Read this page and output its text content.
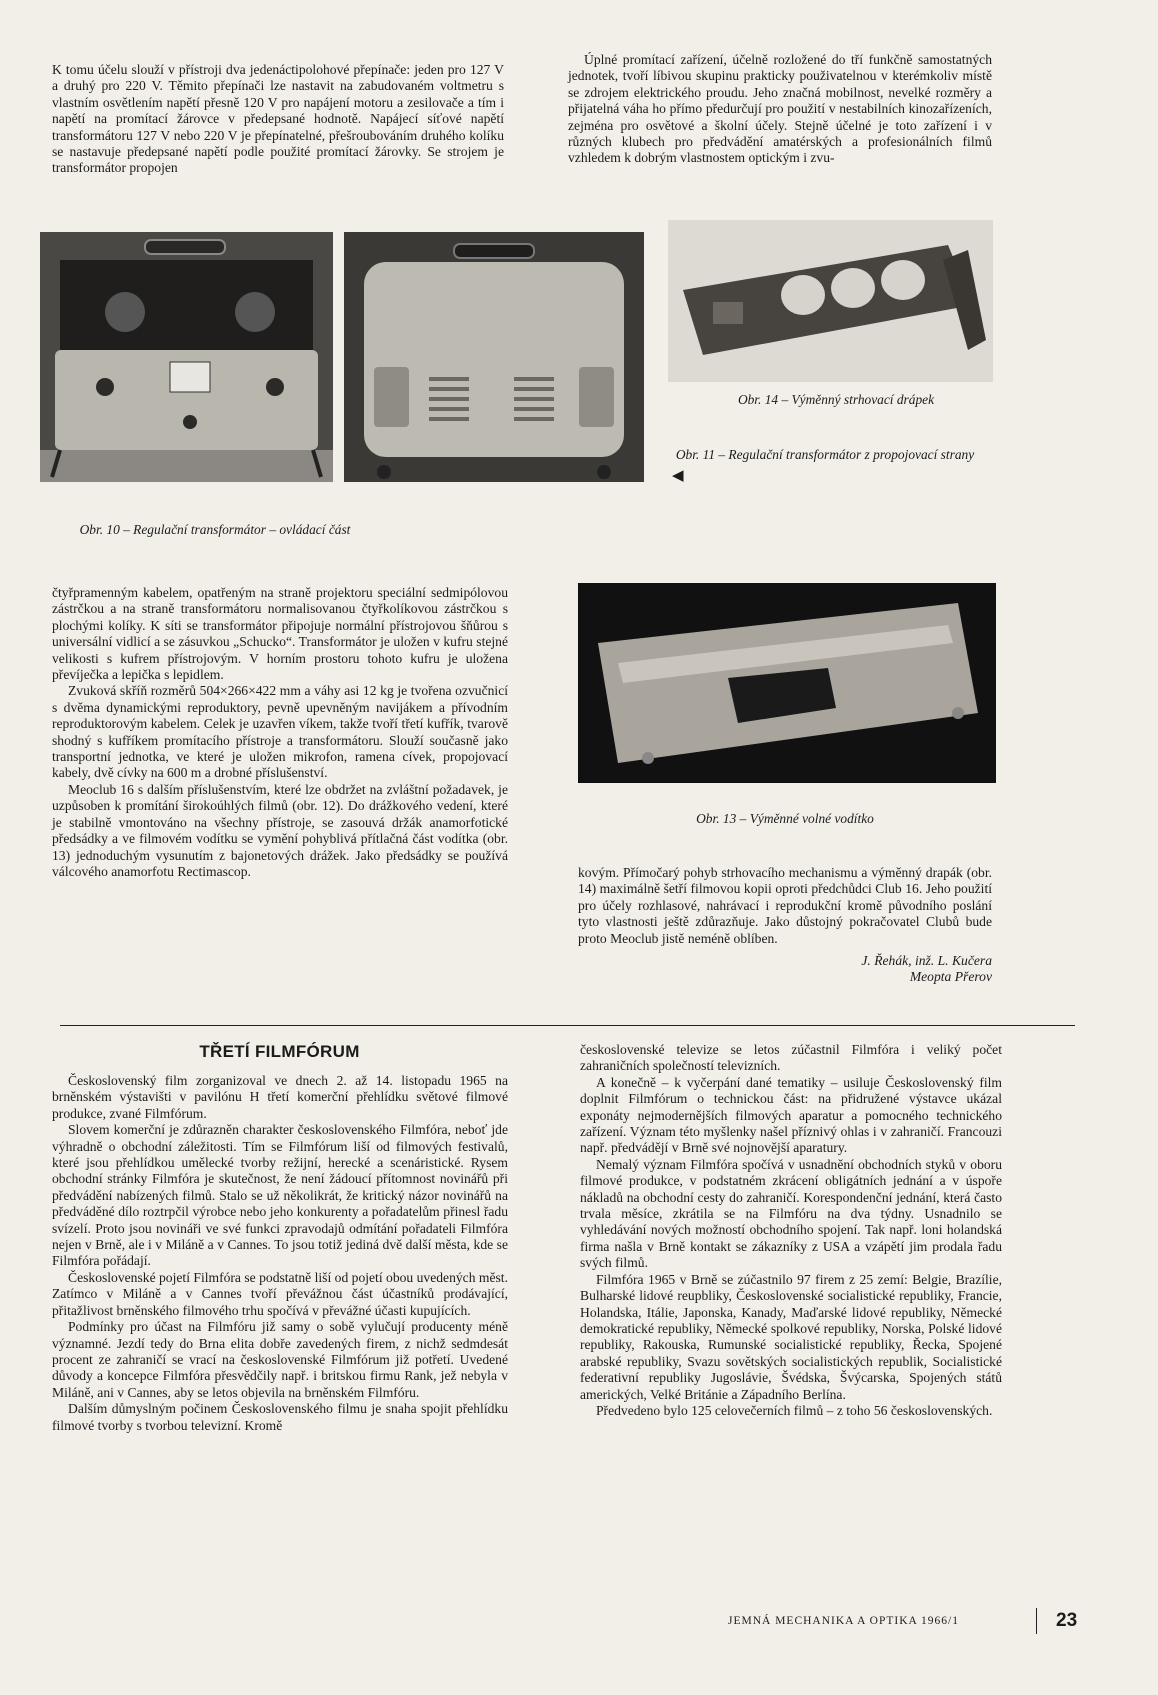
K tomu účelu slouží v přístroji dva jedenáctipolohové přepínače: jeden pro 127 V a druhý pro 220 V. Těmito přepínači lze nastavit na zabudovaném voltmetru s vlastním osvětlením napětí přesně 120 V pro napájení motoru a zesilovače a tím i napětí na promítací žárovce v předepsané hodnotě. Napájecí síťové napětí transformátoru 127 V nebo 220 V je přepínatelné, přešroubováním druhého kolíku se nastavuje předepsané napětí podle použité promítací žárovky. Se strojem je transformátor propojen

Úplné promítací zařízení, účelně rozložené do tří funkčně samostatných jednotek, tvoří líbivou skupinu prakticky použivatelnou v kterémkoliv místě se zdrojem elektrického proudu. Jeho značná mobilnost, nevelké rozměry a přijatelná váha ho přímo předurčují pro použití v nestabilních kinozařízeních, zejména pro osvětové a školní účely. Stejně účelné je toto zařízení i v různých klubech pro předvádění amatérských a profesionálních filmů vzhledem k dobrým vlastnostem optickým i zvu-

Obr. 14 – Výměnný strhovací drápek
Obr. 11 – Regulační transformátor z propojovací strany
◀
Obr. 10 – Regulační transformátor – ovládací část

čtyřpramenným kabelem, opatřeným na straně projektoru speciální sedmipólovou zástrčkou a na straně transformátoru normalisovanou čtyřkolíkovou zástrčkou s plochými kolíky. K síti se transformátor připojuje normální přístrojovou šňůrou s universální vidlicí a se zásuvkou „Schucko“. Transformátor je uložen v kufru stejné velikosti s kufrem přístrojovým. V horním prostoru tohoto kufru je uložena převíječka a lepička s lepidlem.

Zvuková skříň rozměrů 504×266×422 mm a váhy asi 12 kg je tvořena ozvučnicí s dvěma dynamickými reproduktory, pevně upevněným navijákem a přívodním reproduktorovým kabelem. Celek je uzavřen víkem, takže tvoří třetí kufřík, tvarově shodný s kufříkem promítacího přístroje a transformátoru. Slouží současně jako transportní jednotka, ve které je uložen mikrofon, ramena cívek, propojovací kabely, dvě cívky na 600 m a drobné příslušenství.

Meoclub 16 s dalším příslušenstvím, které lze obdržet na zvláštní požadavek, je uzpůsoben k promítání širokoúhlých filmů (obr. 12). Do drážkového vedení, které je stabilně vmontováno na všechny přístroje, se zasouvá držák anamorfotické předsádky a ve filmovém vodítku se vymění pohyblivá přítlačná část vodítka (obr. 13) jednoduchým vysunutím z bajonetových drážek. Jako předsádky se používá válcového anamorfotu Rectimascop.

Obr. 13 – Výměnné volné vodítko

kovým. Přímočarý pohyb strhovacího mechanismu a výměnný drapák (obr. 14) maximálně šetří filmovou kopii oproti předchůdci Club 16. Jeho použití pro účely rozhlasové, nahrávací i reprodukční kromě původního poslání tyto vlastnosti ještě zdůrazňuje. Jako důstojný pokračovatel Clubů bude proto Meoclub jistě neméně oblíben.

J. Řehák, inž. L. Kučera
Meopta Přerov
TŘETÍ FILMFÓRUM

Československý film zorganizoval ve dnech 2. až 14. listopadu 1965 na brněnském výstavišti v pavilónu H třetí komerční přehlídku světové filmové produkce, zvané Filmfórum.

Slovem komerční je zdůrazněn charakter československého Filmfóra, neboť jde výhradně o obchodní záležitosti. Tím se Filmfórum liší od filmových festivalů, které jsou přehlídkou umělecké tvorby režijní, herecké a scenáristické. Rysem obchodní stránky Filmfóra je skutečnost, že není žádoucí přítomnost novinářů při předvádění nabízených filmů. Stalo se už několikrát, že kritický názor novinářů na předváděné dílo roztrpčil výrobce nebo jeho konkurenty a pořadatelům přinesl řadu svízelí. Proto jsou novináři ve své funkci zpravodajů odmítání pořadateli Filmfóra nejen v Brně, ale i v Miláně a v Cannes. To jsou totiž jediná dvě další města, kde se Filmfóra pořádají.

Československé pojetí Filmfóra se podstatně liší od pojetí obou uvedených měst. Zatímco v Miláně a v Cannes tvoří převážnou část účastníků prodávající, přitažlivost brněnského filmového trhu spočívá v převážné účasti kupujících.

Podmínky pro účast na Filmfóru již samy o sobě vylučují producenty méně významné. Jezdí tedy do Brna elita dobře zavedených firem, z nichž sedmdesát procent ze zahraničí se vrací na československé Filmfórum již potřetí. Uvedené důvody a koncepce Filmfóra přesvědčily např. i britskou firmu Rank, jež nebyla v Miláně, ani v Cannes, aby se letos objevila na brněnském Filmfóru.

Dalším důmyslným počinem Československého filmu je snaha spojit přehlídku filmové tvorby s tvorbou televizní. Kromě

československé televize se letos zúčastnil Filmfóra i veliký počet zahraničních společností televizních.

A konečně – k vyčerpání dané tematiky – usiluje Československý film doplnit Filmfórum o technickou část: na přidružené výstavce ukázal exponáty nejmodernějších filmových aparatur a pomocného technického zařízení. Význam této myšlenky našel příznivý ohlas i v zahraničí. Francouzi např. předvádějí v Brně své nojnovější aparatury.

Nemalý význam Filmfóra spočívá v usnadnění obchodních styků v oboru filmové produkce, v podstatném zkrácení obligátních jednání a v úspoře nákladů na obchodní cesty do zahraničí. Korespondenční jednání, která často trvala měsíce, zkrátila se na Filmfóru na dva týdny. Usnadnilo se vyhledávání nových možností obchodního spojení. Tak např. loni holandská firma našla v Brně kontakt se zákazníky z USA a vzápětí jim prodala řadu svých filmů.

Filmfóra 1965 v Brně se zúčastnilo 97 firem z 25 zemí: Belgie, Brazílie, Bulharské lidové reupbliky, Československé socialistické republiky, Francie, Holandska, Itálie, Japonska, Kanady, Maďarské lidové republiky, Německé demokratické republiky, Německé spolkové republiky, Norska, Polské lidové republiky, Rakouska, Rumunské socialistické republiky, Řecka, Spojené arabské republiky, Svazu sovětských socialistických republik, Socialistické federativní republiky Jugoslávie, Švédska, Švýcarska, Spojených států amerických, Velké Británie a Západního Berlína.

Předvedeno bylo 125 celovečerních filmů – z toho 56 československých.

JEMNÁ MECHANIKA A OPTIKA 1966/1	23
